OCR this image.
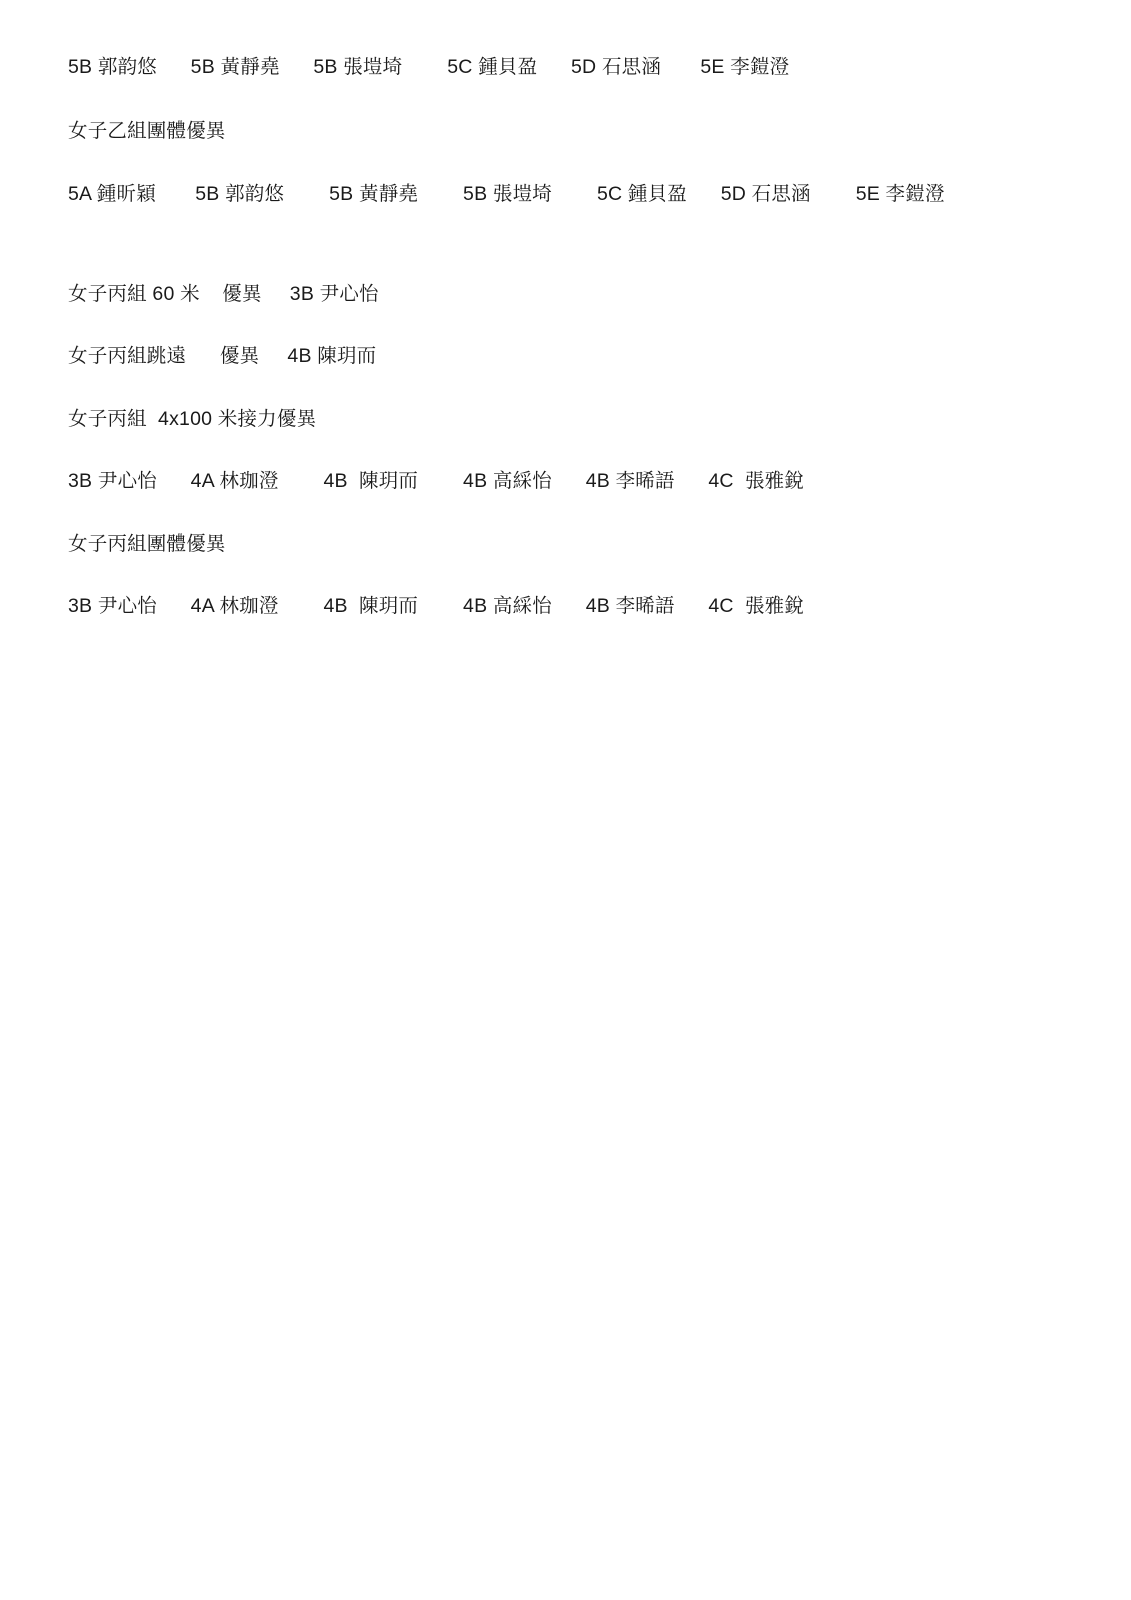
5B 郭韵悠      5B 黃靜堯      5B 張塏埼        5C 鍾貝盈      5D 石思涵       5E 李鎧澄
女子乙組團體優異
5A 鍾昕穎       5B 郭韵悠        5B 黃靜堯        5B 張塏埼        5C 鍾貝盈      5D 石思涵        5E 李鎧澄
女子丙組 60 米    優異     3B 尹心怡
女子丙組跳遠      優異     4B 陳玥而
女子丙組  4x100 米接力優異
3B 尹心怡      4A 林珈澄        4B  陳玥而        4B 高綵怡      4B 李晞語      4C  張雅銳
女子丙組團體優異
3B 尹心怡      4A 林珈澄        4B  陳玥而        4B 高綵怡      4B 李晞語      4C  張雅銳
